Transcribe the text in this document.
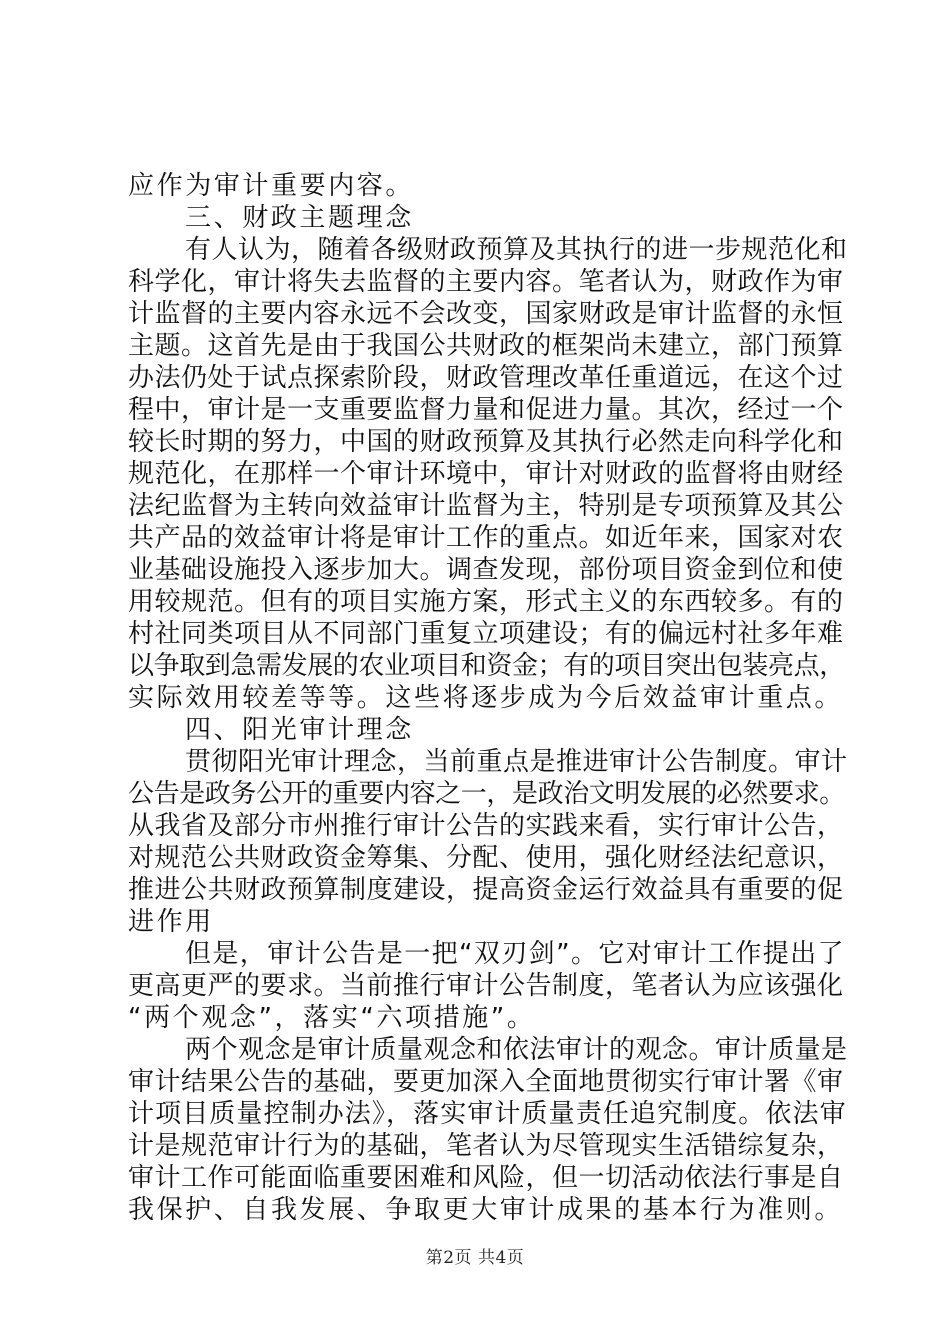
应作为审计重要内容。
三、财政主题理念
有人认为，随着各级财政预算及其执行的进一步规范化和
科学化，审计将失去监督的主要内容。笔者认为，财政作为审
计监督的主要内容永远不会改变，国家财政是审计监督的永恒
主题。这首先是由于我国公共财政的框架尚未建立，部门预算
办法仍处于试点探索阶段，财政管理改革任重道远，在这个过
程中，审计是一支重要监督力量和促进力量。其次，经过一个
较长时期的努力，中国的财政预算及其执行必然走向科学化和
规范化，在那样一个审计环境中，审计对财政的监督将由财经
法纪监督为主转向效益审计监督为主，特别是专项预算及其公
共产品的效益审计将是审计工作的重点。如近年来，国家对农
业基础设施投入逐步加大。调查发现，部份项目资金到位和使
用较规范。但有的项目实施方案，形式主义的东西较多。有的
村社同类项目从不同部门重复立项建设；有的偏远村社多年难
以争取到急需发展的农业项目和资金；有的项目突出包装亮点，
实际效用较差等等。这些将逐步成为今后效益审计重点。
四、阳光审计理念
贯彻阳光审计理念，当前重点是推进审计公告制度。审计
公告是政务公开的重要内容之一，是政治文明发展的必然要求。
从我省及部分市州推行审计公告的实践来看，实行审计公告，
对规范公共财政资金筹集、分配、使用，强化财经法纪意识，
推进公共财政预算制度建设，提高资金运行效益具有重要的促
进作用
但是，审计公告是一把“双刃剑”。它对审计工作提出了
更高更严的要求。当前推行审计公告制度，笔者认为应该强化
“两个观念”，落实“六项措施”。
两个观念是审计质量观念和依法审计的观念。审计质量是
审计结果公告的基础，要更加深入全面地贯彻实行审计署《审
计项目质量控制办法》，落实审计质量责任追究制度。依法审
计是规范审计行为的基础，笔者认为尽管现实生活错综复杂，
审计工作可能面临重要困难和风险，但一切活动依法行事是自
我保护、自我发展、争取更大审计成果的基本行为准则。
第2页 共4页
